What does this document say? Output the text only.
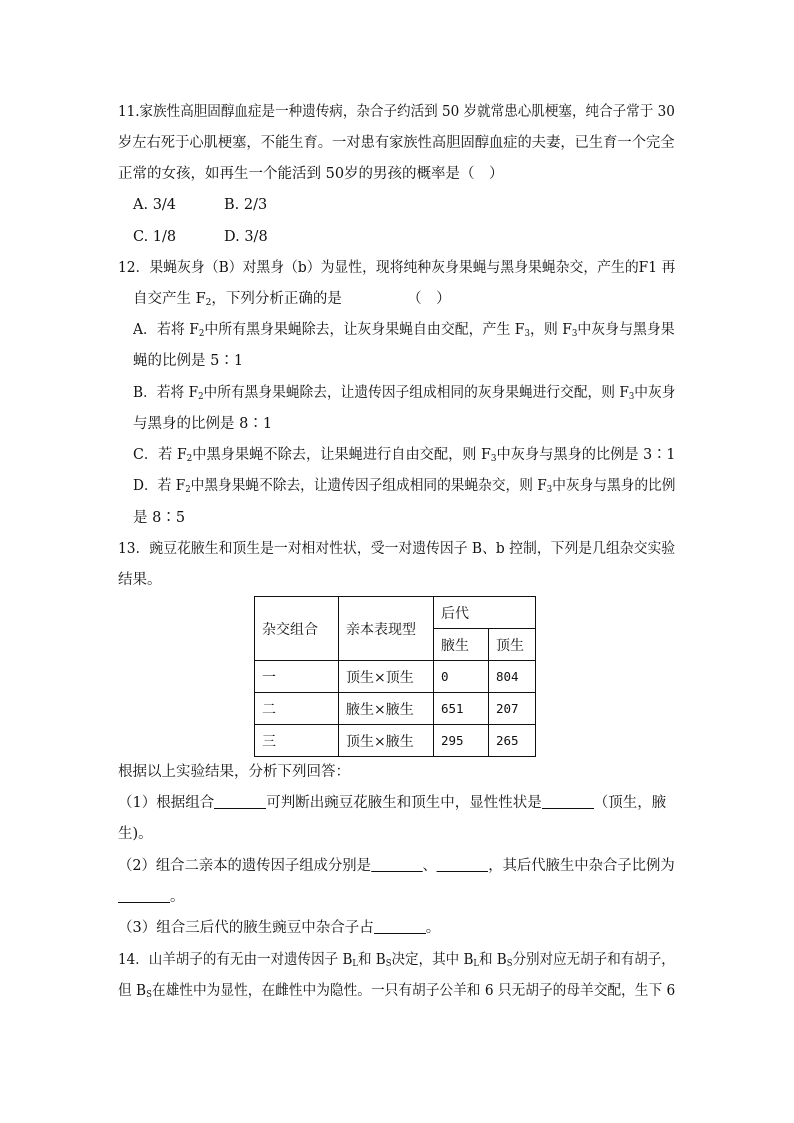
11.家族性高胆固醇血症是一种遗传病，杂合子约活到 50 岁就常患心肌梗塞，纯合子常于 30
岁左右死于心肌梗塞，不能生育。一对患有家族性高胆固醇血症的夫妻，已生育一个完全
正常的女孩，如再生一个能活到 50岁的男孩的概率是（　）
A. 3/4	B. 2/3
C. 1/8	D. 3/8
12．果蝇灰身（B）对黑身（b）为显性，现将纯种灰身果蝇与黑身果蝇杂交，产生的F1 再
自交产生 $F_2$，下列分析正确的是　　　　　（　）
A．若将 $F_2$中所有黑身果蝇除去，让灰身果蝇自由交配，产生 $F_3$，则 $F_3$中灰身与黑身果
蝇的比例是 5∶1
B．若将 $F_2$中所有黑身果蝇除去，让遗传因子组成相同的灰身果蝇进行交配，则 $F_3$中灰身
与黑身的比例是 8∶1
C．若 $F_2$中黑身果蝇不除去，让果蝇进行自由交配，则 $F_3$中灰身与黑身的比例是 3∶1
D．若 $F_2$中黑身果蝇不除去，让遗传因子组成相同的果蝇杂交，则 $F_3$中灰身与黑身的比例
是 8∶5
13．豌豆花腋生和顶生是一对相对性状，受一对遗传因子 B、b 控制，下列是几组杂交实验
结果。
杂交组合	亲本表现型	后代	
		腋生	顶生
一	顶生×顶生	0	804
二	腋生×腋生	651	207
三	顶生×腋生	295	265
根据以上实验结果，分析下列回答：
（1）根据组合	可判断出豌豆花腋生和顶生中，显性性状是	（顶生，腋
生)。
（2）组合二亲本的遗传因子组成分别是	、	，其后代腋生中杂合子比例为
。
（3）组合三后代的腋生豌豆中杂合子占	。
14．山羊胡子的有无由一对遗传因子 $B_L$和 $B_S$决定，其中 $B_L$和 $B_S$分别对应无胡子和有胡子，
但 $B_S$在雄性中为显性，在雌性中为隐性。一只有胡子公羊和 6 只无胡子的母羊交配，生下 6
